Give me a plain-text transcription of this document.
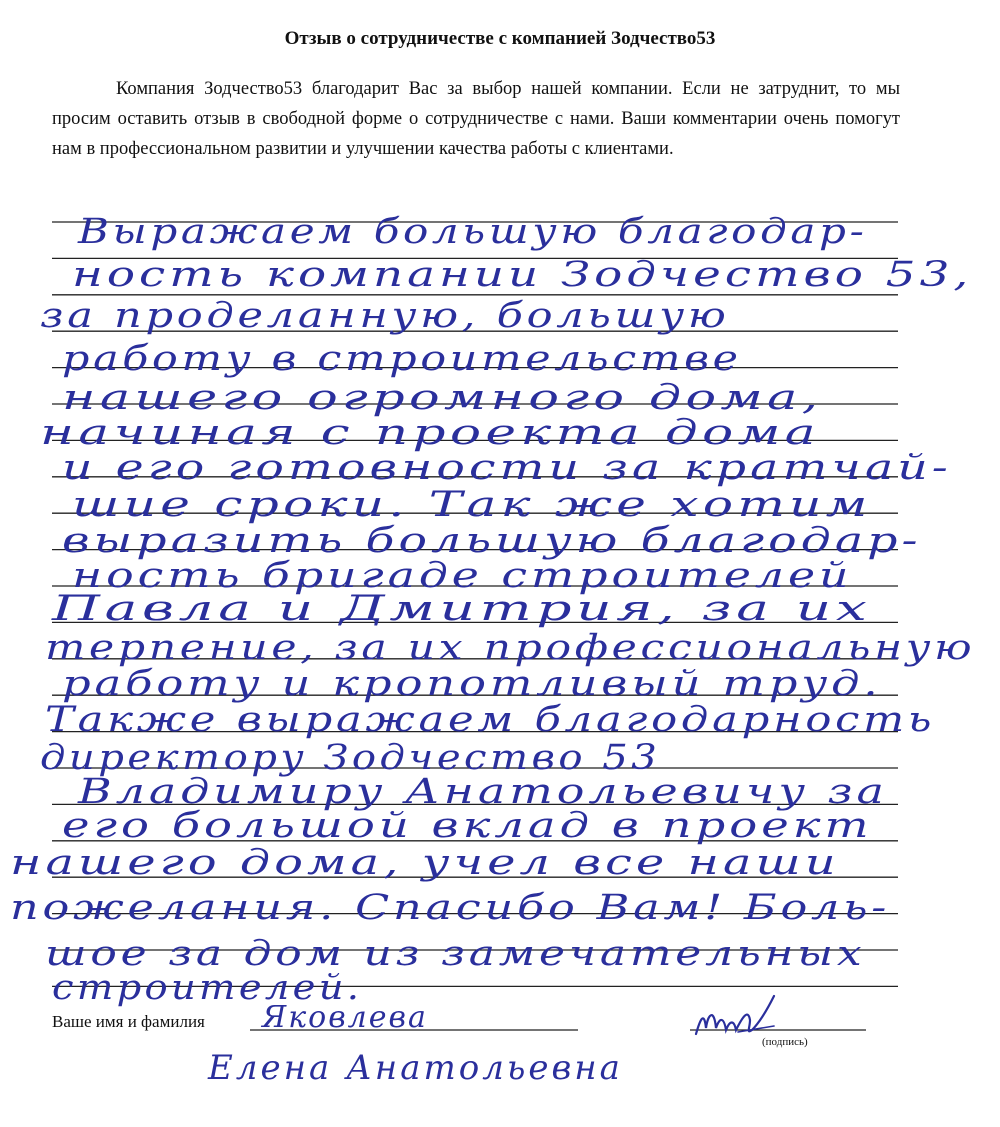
Отзыв о сотрудничестве с компанией Зодчество53

Компания Зодчество53 благодарит Вас за выбор нашей компании. Если не затруднит, то мы просим оставить отзыв в свободной форме о сотрудничестве с нами. Ваши комментарии очень помогут нам в профессиональном развитии и улучшении качества работы с клиентами.

Выражаем большую благодар-
ность компании Зодчество 53,
за проделанную, большую
работу в строительстве
нашего огромного дома,
начиная с проекта дома
и его готовности за кратчай-
шие сроки. Так же хотим
выразить большую благодар-
ность бригаде строителей
Павла и Дмитрия, за их
терпение, за их профессиональную
работу и кропотливый труд.
Также выражаем благодарность
директору Зодчество 53
Владимиру Анатольевичу за
его большой вклад в проект
нашего дома, учел все наши
пожелания. Спасибо Вам! Боль-
шое за дом из замечательных
строителей.
Ваше имя и фамилия Яковлева
Елена Анатольевна
(подпись)
